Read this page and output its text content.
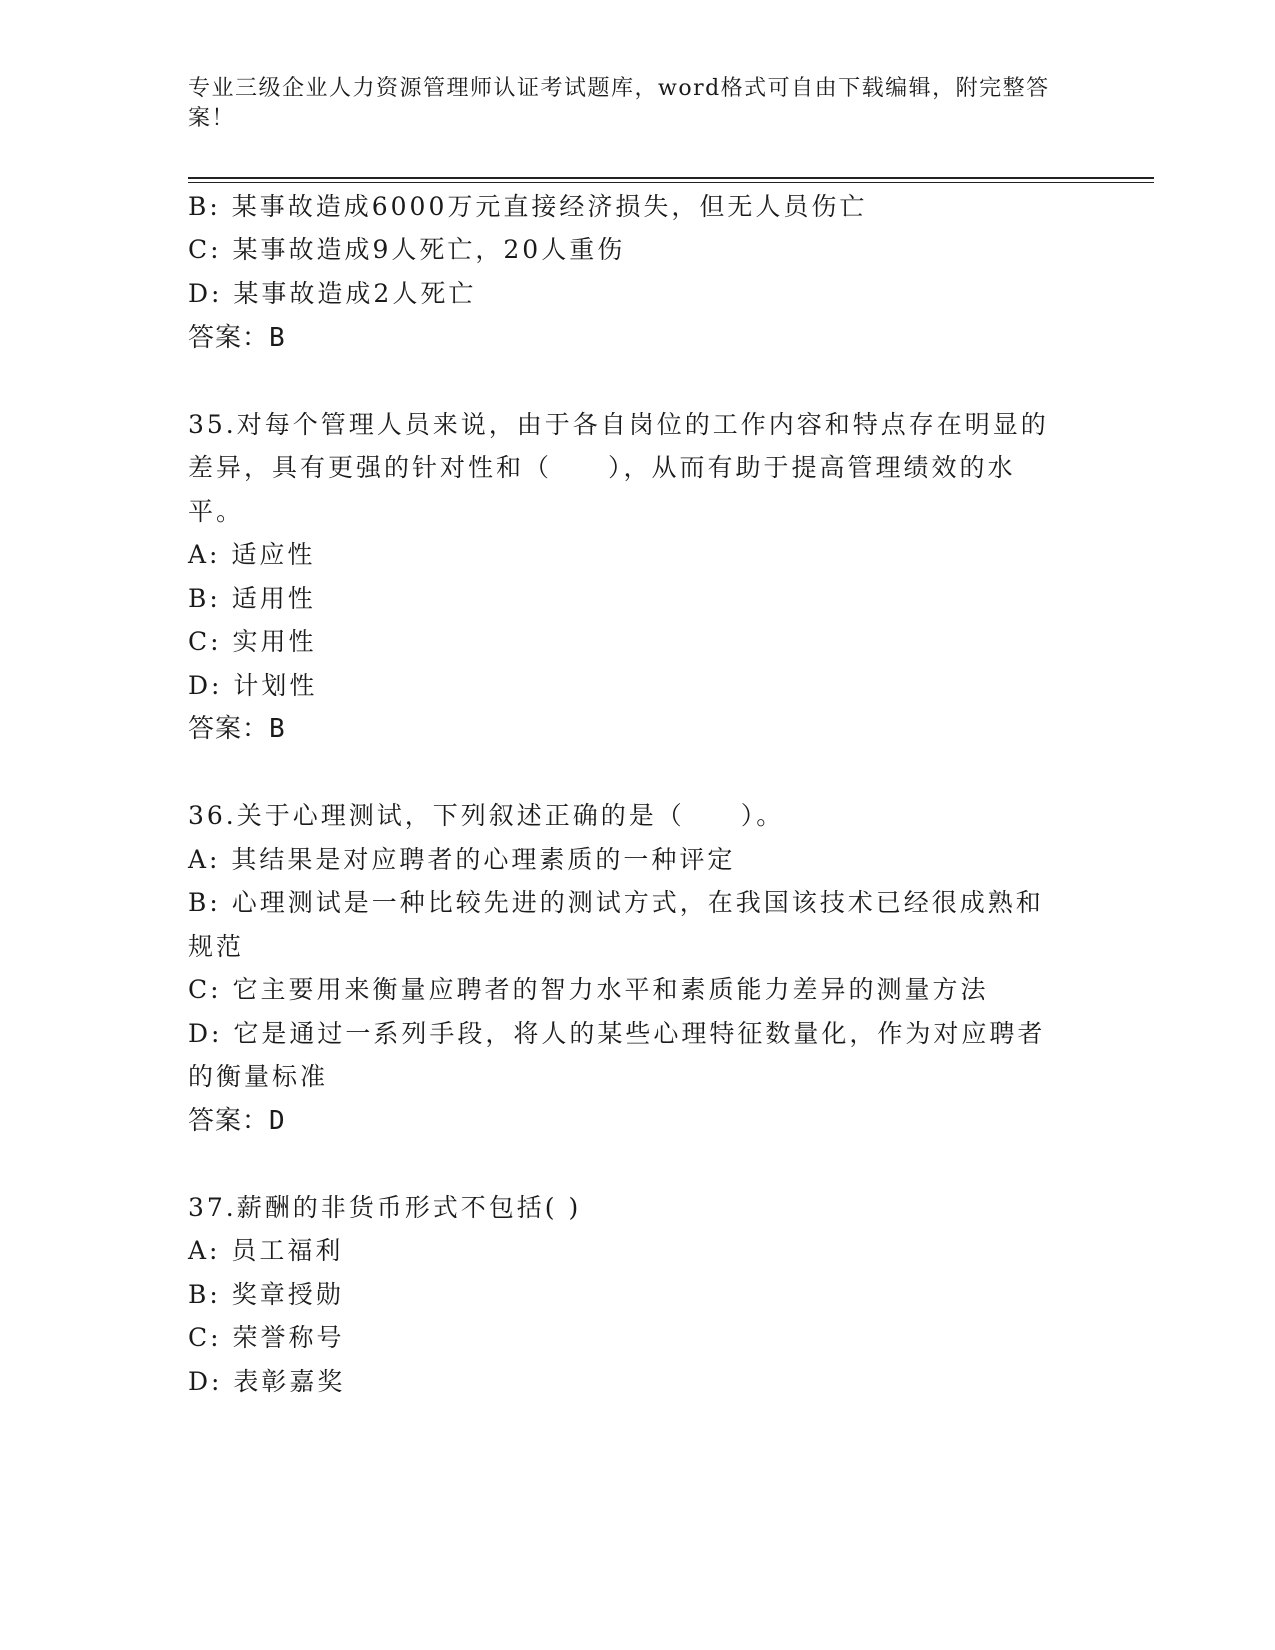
专业三级企业人力资源管理师认证考试题库，word格式可自由下载编辑，附完整答案！
B: 某事故造成6000万元直接经济损失，但无人员伤亡
C: 某事故造成9人死亡，20人重伤
D: 某事故造成2人死亡
答案：B
35.对每个管理人员来说，由于各自岗位的工作内容和特点存在明显的
差异，具有更强的针对性和（　　），从而有助于提高管理绩效的水
平。
A: 适应性
B: 适用性
C: 实用性
D: 计划性
答案：B
36.关于心理测试，下列叙述正确的是（　　）。
A: 其结果是对应聘者的心理素质的一种评定
B: 心理测试是一种比较先进的测试方式，在我国该技术已经很成熟和
规范
C: 它主要用来衡量应聘者的智力水平和素质能力差异的测量方法
D: 它是通过一系列手段，将人的某些心理特征数量化，作为对应聘者
的衡量标准
答案：D
37.薪酬的非货币形式不包括( )
A: 员工福利
B: 奖章授勋
C: 荣誉称号
D: 表彰嘉奖
